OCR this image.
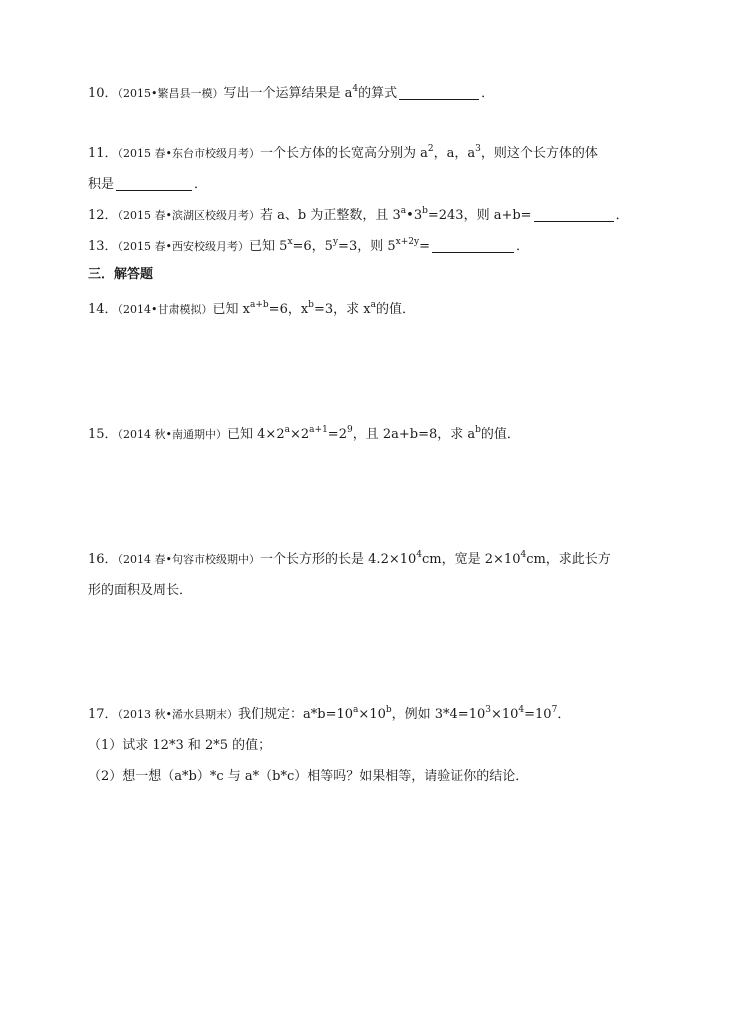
10．（2015•繁昌县一模）写出一个运算结果是 $a^4$的算式	．
11．（2015 春•东台市校级月考）一个长方体的长宽高分别为 $a^2$，a，$a^3$，则这个长方体的体
积是	．
12．（2015 春•滨湖区校级月考）若 a、b 为正整数，且 $3^a•3^b=243$，则 a+b=	．
13．（2015 春•西安校级月考）已知 $5^x=6$，$5^y=3$，则 $5^{x+2y}=$	．
三．解答题
14．（2014•甘肃模拟）已知 $x^{a+b}=6$，$x^b=3$，求 $x^a$的值．
15．（2014 秋•南通期中）已知 $4\times 2^a\times 2^{a+1}=2^9$，且 2a+b=8，求 $a^b$的值．
16．（2014 春•句容市校级期中）一个长方形的长是 $4.2\times 10^4cm$，宽是 $2\times 10^4cm$，求此长方
形的面积及周长．
17．（2013 秋•浠水县期末）我们规定：$a*b=10^a\times 10^b$，例如 $3*4=10^3\times 10^4=10^7$．
（1）试求 12*3 和 2*5 的值；
（2）想一想（a*b）*c 与 a*（b*c）相等吗？如果相等，请验证你的结论．
